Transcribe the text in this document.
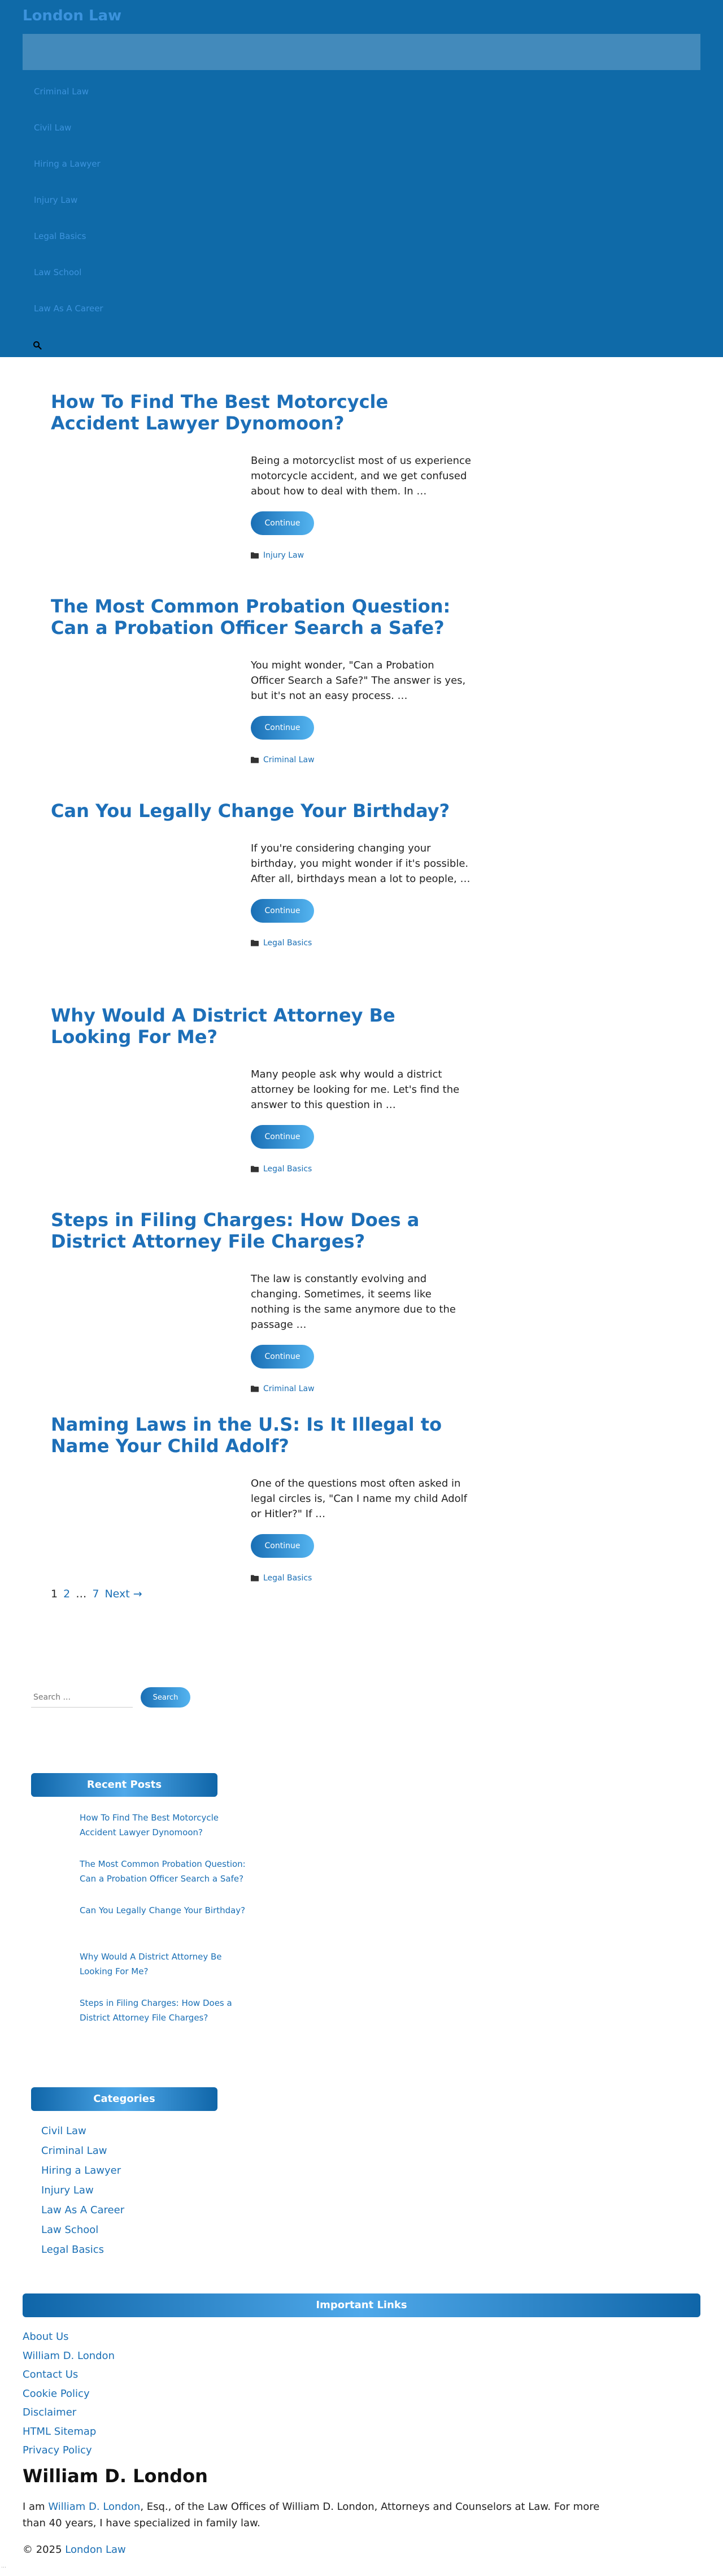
London Law
Criminal Law
Civil Law
Hiring a Lawyer
Injury Law
Legal Basics
Law School
Law As A Career
How To Find The Best Motorcycle Accident Lawyer Dynomoon?

Being a motorcyclist most of us experience motorcycle accident, and we get confused about how to deal with them. In …

Continue
Injury Law
The Most Common Probation Question: Can a Probation Officer Search a Safe?

You might wonder, "Can a Probation Officer Search a Safe?" The answer is yes, but it's not an easy process. …

Continue
Criminal Law
Can You Legally Change Your Birthday?

If you're considering changing your birthday, you might wonder if it's possible. After all, birthdays mean a lot to people, …

Continue
Legal Basics
Why Would A District Attorney Be Looking For Me?

Many people ask why would a district attorney be looking for me. Let's find the answer to this question in …

Continue
Legal Basics
Steps in Filing Charges: How Does a District Attorney File Charges?

The law is constantly evolving and changing. Sometimes, it seems like nothing is the same anymore due to the passage …

Continue
Criminal Law
Naming Laws in the U.S: Is It Illegal to Name Your Child Adolf?

One of the questions most often asked in legal circles is, "Can I name my child Adolf or Hitler?" If …

Continue
Legal Basics
1 2 … 7 Next →
Search ...
Search
Recent Posts
How To Find The Best Motorcycle Accident Lawyer Dynomoon?
The Most Common Probation Question: Can a Probation Officer Search a Safe?
Can You Legally Change Your Birthday?
Why Would A District Attorney Be Looking For Me?
Steps in Filing Charges: How Does a District Attorney File Charges?
Categories
Civil Law
Criminal Law
Hiring a Lawyer
Injury Law
Law As A Career
Law School
Legal Basics
Important Links
About Us
William D. London
Contact Us
Cookie Policy
Disclaimer
HTML Sitemap
Privacy Policy
William D. London

I am William D. London, Esq., of the Law Offices of William D. London, Attorneys and Counselors at Law. For more than 40 years, I have specialized in family law.

© 2025 London Law

…
